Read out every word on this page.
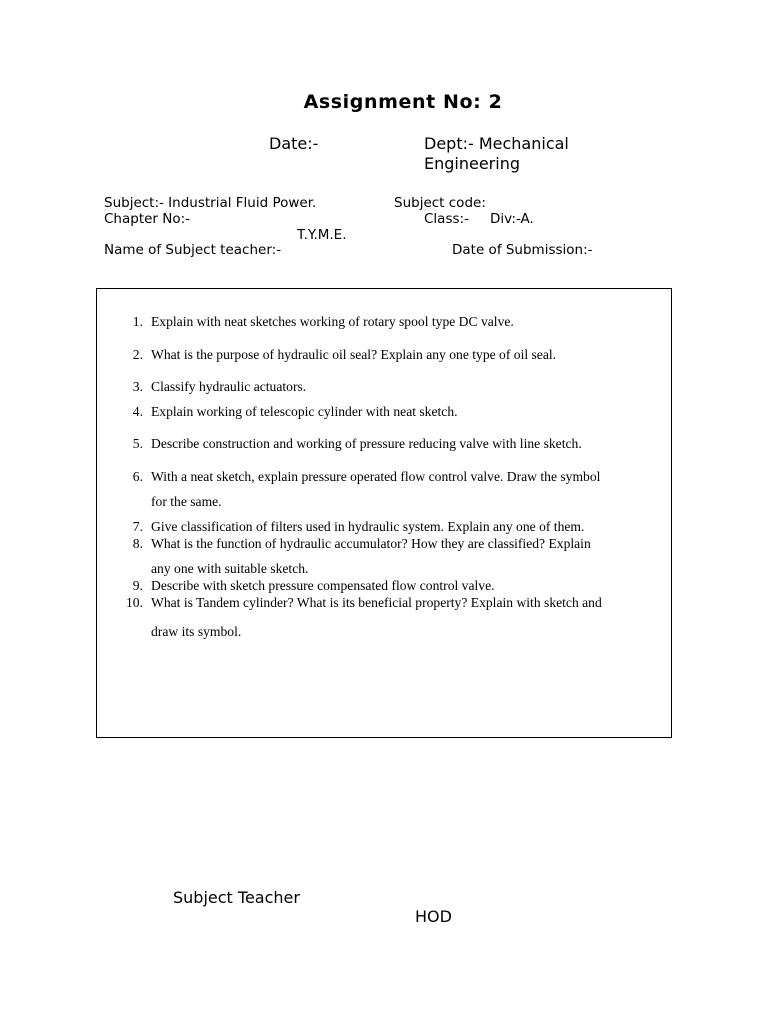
Assignment No: 2
Date:-	Dept:- Mechanical
Engineering
Subject:- Industrial Fluid Power.	Subject code:
Chapter No:-	Class:- Div:-A.
T.Y.M.E.
Name of Subject teacher:-	Date of Submission:-
1. Explain with neat sketches working of rotary spool type DC valve.
2. What is the purpose of hydraulic oil seal? Explain any one type of oil seal.
3. Classify hydraulic actuators.
4. Explain working of telescopic cylinder with neat sketch.
5. Describe construction and working of pressure reducing valve with line sketch.
6. With a neat sketch, explain pressure operated flow control valve. Draw the symbol
for the same.
7. Give classification of filters used in hydraulic system. Explain any one of them.
8. What is the function of hydraulic accumulator? How they are classified? Explain
any one with suitable sketch.
9. Describe with sketch pressure compensated flow control valve.
10. What is Tandem cylinder? What is its beneficial property? Explain with sketch and
draw its symbol.
Subject Teacher
HOD
